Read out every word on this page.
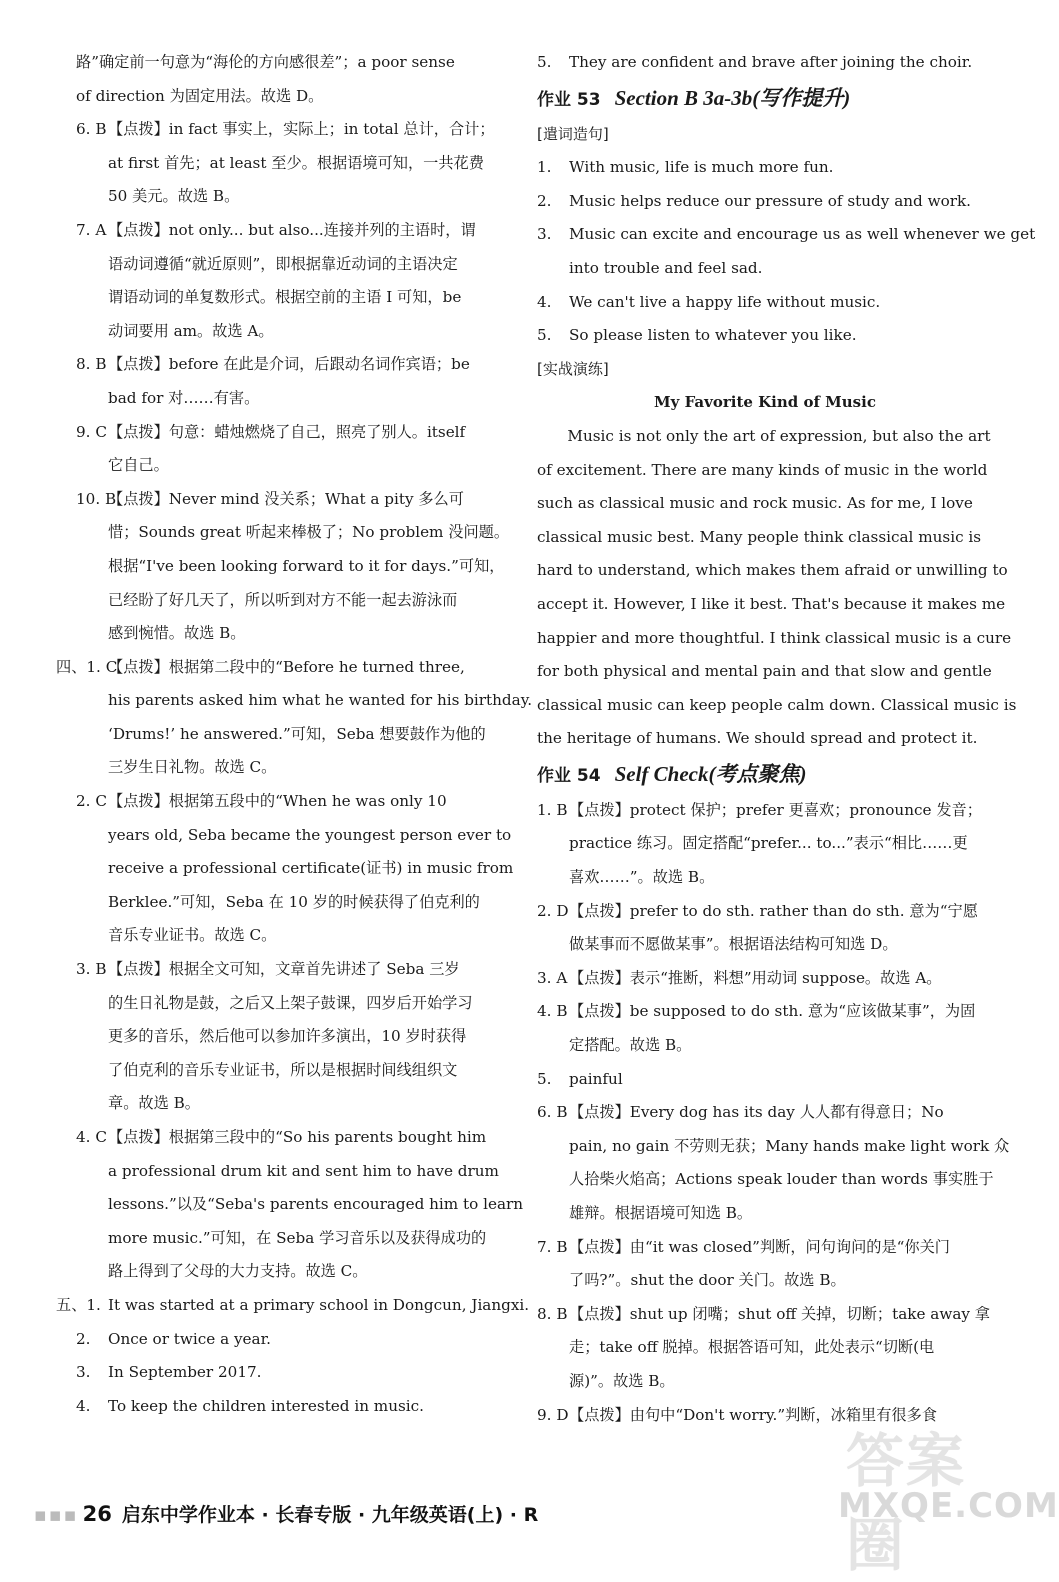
路”确定前一句意为“海伦的方向感很差”；a poor sense
of direction 为固定用法。故选 D。
6. B 【点拨】in fact 事实上，实际上；in total 总计，合计；
at first 首先；at least 至少。根据语境可知，一共花费
50 美元。故选 B。
7. A 【点拨】not only... but also...连接并列的主语时，谓
语动词遵循“就近原则”，即根据靠近动词的主语决定
谓语动词的单复数形式。根据空前的主语 I 可知，be
动词要用 am。故选 A。
8. B 【点拨】before 在此是介词，后跟动名词作宾语；be
bad for 对……有害。
9. C 【点拨】句意：蜡烛燃烧了自己，照亮了别人。itself
它自己。
10. B
【点拨】Never mind 没关系；What a pity 多么可
惜；Sounds great 听起来棒极了；No problem 没问题。
根据“I've been looking forward to it for days.”可知，
已经盼了好几天了，所以听到对方不能一起去游泳而
感到惋惜。故选 B。
四、1. C
【点拨】根据第二段中的“Before he turned three,
his parents asked him what he wanted for his birthday.
‘Drums!’ he answered.”可知，Seba 想要鼓作为他的
三岁生日礼物。故选 C。
2. C 【点拨】根据第五段中的“When he was only 10
years old, Seba became the youngest person ever to
receive a professional certificate(证书) in music from
Berklee.”可知，Seba 在 10 岁的时候获得了伯克利的
音乐专业证书。故选 C。
3. B 【点拨】根据全文可知，文章首先讲述了 Seba 三岁
的生日礼物是鼓，之后又上架子鼓课，四岁后开始学习
更多的音乐，然后他可以参加许多演出，10 岁时获得
了伯克利的音乐专业证书，所以是根据时间线组织文
章。故选 B。
4. C 【点拨】根据第三段中的“So his parents bought him
a professional drum kit and sent him to have drum
lessons.”以及“Seba's parents encouraged him to learn
more music.”可知，在 Seba 学习音乐以及获得成功的
路上得到了父母的大力支持。故选 C。
五、1. It was started at a primary school in Dongcun, Jiangxi.
2. Once or twice a year.
3. In September 2017.
4. To keep the children interested in music.
5. They are confident and brave after joining the choir.
作业 53 Section B 3a-3b(写作提升)
[遣词造句]
1. With music, life is much more fun.
2. Music helps reduce our pressure of study and work.
3. Music can excite and encourage us as well whenever we get
into trouble and feel sad.
4. We can't live a happy life without music.
5. So please listen to whatever you like.
[实战演练]
My Favorite Kind of Music
Music is not only the art of expression, but also the art
of excitement. There are many kinds of music in the world
such as classical music and rock music. As for me, I love
classical music best. Many people think classical music is
hard to understand, which makes them afraid or unwilling to
accept it. However, I like it best. That's because it makes me
happier and more thoughtful. I think classical music is a cure
for both physical and mental pain and that slow and gentle
classical music can keep people calm down. Classical music is
the heritage of humans. We should spread and protect it.
作业 54 Self Check(考点聚焦)
1. B 【点拨】protect 保护；prefer 更喜欢；pronounce 发音；
practice 练习。固定搭配“prefer... to...”表示“相比……更
喜欢……”。故选 B。
2. D 【点拨】prefer to do sth. rather than do sth. 意为“宁愿
做某事而不愿做某事”。根据语法结构可知选 D。
3. A 【点拨】表示“推断，料想”用动词 suppose。故选 A。
4. B 【点拨】be supposed to do sth. 意为“应该做某事”，为固
定搭配。故选 B。
5. painful
6. B 【点拨】Every dog has its day 人人都有得意日；No
pain, no gain 不劳则无获；Many hands make light work 众
人拾柴火焰高；Actions speak louder than words 事实胜于
雄辩。根据语境可知选 B。
7. B 【点拨】由“it was closed”判断，问句询问的是“你关门
了吗?”。shut the door 关门。故选 B。
8. B 【点拨】shut up 闭嘴；shut off 关掉，切断；take away 拿
走；take off 脱掉。根据答语可知，此处表示“切断(电
源)”。故选 B。
9. D 【点拨】由句中“Don't worry.”判断，冰箱里有很多食
▪▪▪ 26 启东中学作业本 · 长春专版 · 九年级英语(上) · R
答案圈
MXQE.COM
